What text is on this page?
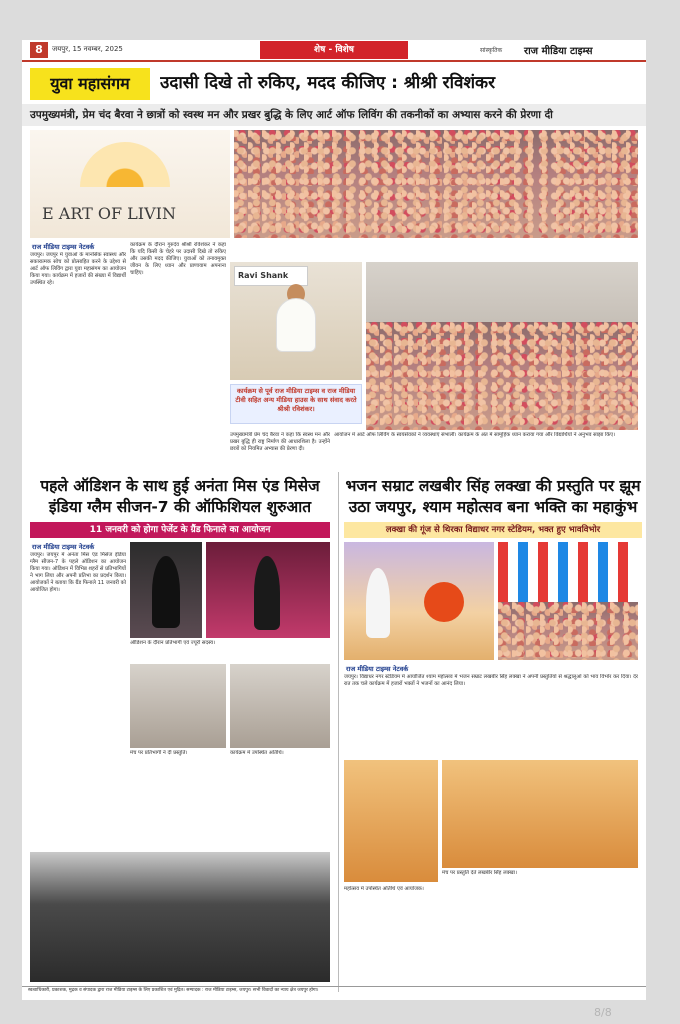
8	जयपुर, 15 नवम्बर, 2025	शेष - विशेष	सांस्कृतिक राज मीडिया टाइम्स
युवा महासंगम	उदासी दिखे तो रुकिए, मदद कीजिए : श्रीश्री रविशंकर
उपमुख्यमंत्री, प्रेम चंद बैरवा ने छात्रों को स्वस्थ मन और प्रखर बुद्धि के लिए आर्ट ऑफ लिविंग की तकनीकों का अभ्यास करने की प्रेरणा दी
E ART OF LIVIN
राज मीडिया टाइम्स नेटवर्क

जयपुर। जयपुर में युवाओं के मानसिक स्वास्थ्य और सकारात्मक सोच को प्रोत्साहित करने के उद्देश्य से आर्ट ऑफ लिविंग द्वारा युवा महासंगम का आयोजन किया गया। कार्यक्रम में हजारों की संख्या में विद्यार्थी उपस्थित रहे।

कार्यक्रम के दौरान गुरुदेव श्रीश्री रविशंकर ने कहा कि यदि किसी के चेहरे पर उदासी दिखे तो रुकिए और उसकी मदद कीजिए। युवाओं को तनावमुक्त जीवन के लिए ध्यान और प्राणायाम अपनाना चाहिए।	Ravi Shank
कार्यक्रम से पूर्व राज मीडिया टाइम्स व राज मीडिया टीवी सहित अन्य मीडिया हाउस के साथ संवाद करते श्रीश्री रविशंकर।

उपमुख्यमंत्री प्रेम चंद बैरवा ने कहा कि स्वस्थ मन और प्रखर बुद्धि ही राष्ट्र निर्माण की आधारशिला है। उन्होंने छात्रों को नियमित अभ्यास की प्रेरणा दी।

आयोजन में आर्ट ऑफ लिविंग के स्वयंसेवकों ने व्यवस्थाएं संभालीं। कार्यक्रम के अंत में सामूहिक ध्यान कराया गया और विद्यार्थियों ने अनुभव साझा किए।

पहले ऑडिशन के साथ हुई अनंता मिस एंड मिसेज इंडिया ग्लैम सीजन-7 की ऑफिशियल शुरुआत
11 जनवरी को होगा पेजेंट के ग्रैंड फिनाले का आयोजन
राज मीडिया टाइम्स नेटवर्क

जयपुर। जयपुर में अनंता मिस एंड मिसेज इंडिया ग्लैम सीजन-7 के पहले ऑडिशन का आयोजन किया गया। ऑडिशन में विभिन्न शहरों से प्रतिभागियों ने भाग लिया और अपनी प्रतिभा का प्रदर्शन किया। आयोजकों ने बताया कि ग्रैंड फिनाले 11 जनवरी को आयोजित होगा।

ऑडिशन के दौरान प्रतिभागी एवं ज्यूरी सदस्य।

मंच पर प्रतिभागी ने दी प्रस्तुति।	कार्यक्रम में उपस्थित अतिथि।

भजन सम्राट लखबीर सिंह लक्खा की प्रस्तुति पर झूम उठा जयपुर, श्याम महोत्सव बना भक्ति का महाकुंभ
लक्खा की गूंज से थिरका विद्याधर नगर स्टेडियम, भक्त हुए भावविभोर
राज मीडिया टाइम्स नेटवर्क

जयपुर। विद्याधर नगर स्टेडियम में आयोजित श्याम महोत्सव में भजन सम्राट लखबीर सिंह लक्खा ने अपनी प्रस्तुतियों से श्रद्धालुओं को भाव विभोर कर दिया। देर रात तक चले कार्यक्रम में हजारों भक्तों ने भजनों का आनंद लिया।

मंच पर प्रस्तुति देते लखबीर सिंह लक्खा।

महोत्सव में उपस्थित अतिथि एवं आयोजक।

स्वत्वाधिकारी, प्रकाशक, मुद्रक व संपादक द्वारा राज मीडिया टाइम्स के लिए प्रकाशित एवं मुद्रित। सम्पादक : राज मीडिया टाइम्स, जयपुर। सभी विवादों का न्याय क्षेत्र जयपुर होगा।
8/8
